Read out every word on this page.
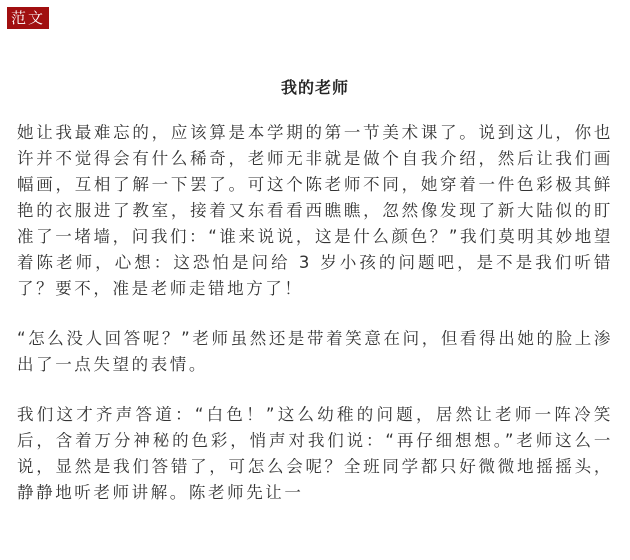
范文
我的老师

她让我最难忘的，应该算是本学期的第一节美术课了。说到这儿，你也许并不觉得会有什么稀奇，老师无非就是做个自我介绍，然后让我们画幅画，互相了解一下罢了。可这个陈老师不同，她穿着一件色彩极其鲜艳的衣服进了教室，接着又东看看西瞧瞧，忽然像发现了新大陆似的盯准了一堵墙，问我们：“谁来说说，这是什么颜色？”我们莫明其妙地望着陈老师，心想：这恐怕是问给 3 岁小孩的问题吧，是不是我们听错了？要不，准是老师走错地方了！

“怎么没人回答呢？”老师虽然还是带着笑意在问，但看得出她的脸上渗出了一点失望的表情。

我们这才齐声答道：“白色！”这么幼稚的问题，居然让老师一阵冷笑后，含着万分神秘的色彩，悄声对我们说：“再仔细想想。”老师这么一说，显然是我们答错了，可怎么会呢？全班同学都只好微微地摇摇头，静静地听老师讲解。陈老师先让一
